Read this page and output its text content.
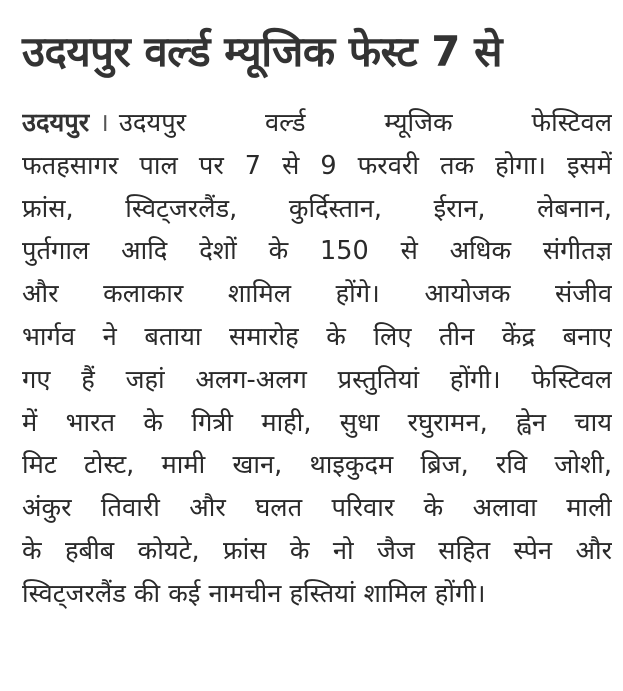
उदयपुर वर्ल्ड म्यूजिक फेस्ट 7 से
उदयपुर । उदयपुर वर्ल्ड म्यूजिक फेस्टिवल
फतहसागर पाल पर 7 से 9 फरवरी तक होगा। इसमें
फ्रांस, स्विट्जरलैंड, कुर्दिस्तान, ईरान, लेबनान,
पुर्तगाल आदि देशों के 150 से अधिक संगीतज्ञ
और कलाकार शामिल होंगे। आयोजक संजीव
भार्गव ने बताया समारोह के लिए तीन केंद्र बनाए
गए हैं जहां अलग-अलग प्रस्तुतियां होंगी। फेस्टिवल
में भारत के गित्री माही, सुधा रघुरामन, ह्वेन चाय
मिट टोस्ट, मामी खान, थाइकुदम ब्रिज, रवि जोशी,
अंकुर तिवारी और घलत परिवार के अलावा माली
के हबीब कोयटे, फ्रांस के नो जैज सहित स्पेन और
स्विट्जरलैंड की कई नामचीन हस्तियां शामिल होंगी।
